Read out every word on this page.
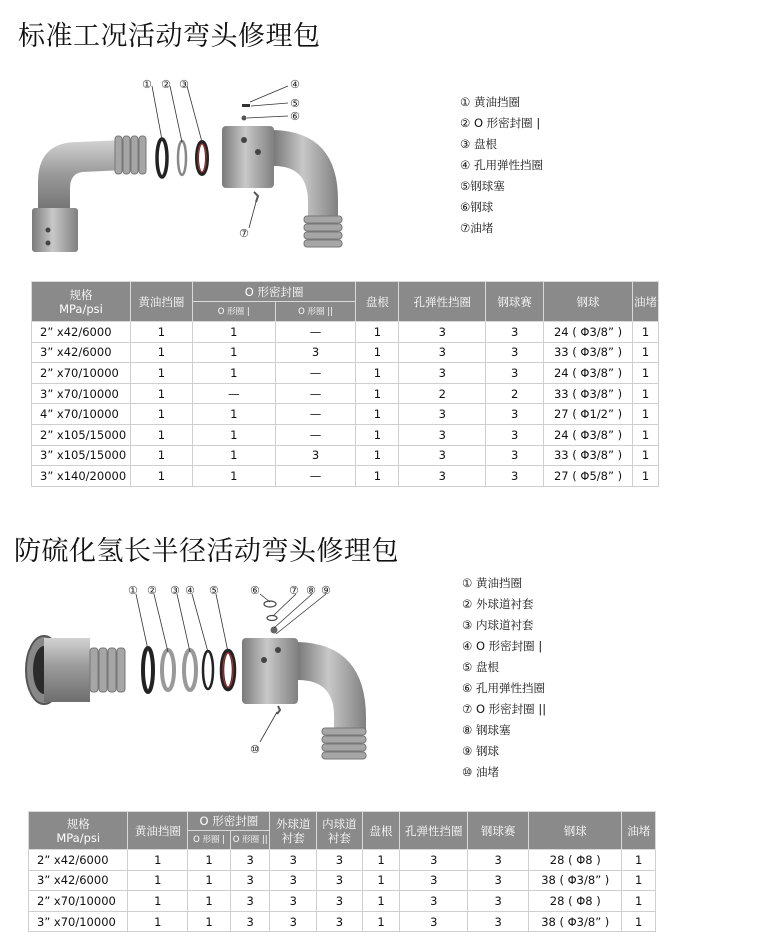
标准工况活动弯头修理包
① ② ③	④
⑤
⑥
⑦
① 黄油挡圈
② O 形密封圈 |
③ 盘根
④ 孔用弹性挡圈
⑤钢球塞
⑥钢球
⑦油堵
规格
MPa/psi	黄油挡圈	O 形密封圈		盘根	孔弹性挡圈	钢球赛	钢球	油堵
		O 形圈 |	O 形圈 ||					
2” x42/6000	1	1	—	1	3	3	24 ( Φ3/8” )	1
3” x42/6000	1	1	3	1	3	3	33 ( Φ3/8” )	1
2” x70/10000	1	1	—	1	3	3	24 ( Φ3/8” )	1
3” x70/10000	1	—	—	1	2	2	33 ( Φ3/8” )	1
4” x70/10000	1	1	—	1	3	3	27 ( Φ1/2” )	1
2” x105/15000	1	1	—	1	3	3	24 ( Φ3/8” )	1
3” x105/15000	1	1	3	1	3	3	33 ( Φ3/8” )	1
3” x140/20000	1	1	—	1	3	3	27 ( Φ5/8” )	1
防硫化氢长半径活动弯头修理包
① ② ③ ④ ⑤	⑥	⑦ ⑧ ⑨
⑩
① 黄油挡圈
② 外球道衬套
③ 内球道衬套
④ O 形密封圈 |
⑤ 盘根
⑥ 孔用弹性挡圈
⑦ O 形密封圈 ||
⑧ 钢球塞
⑨ 钢球
⑩ 油堵
规格
MPa/psi	黄油挡圈	O 形密封圈		外球道衬套	内球道衬套	盘根	孔弹性挡圈	钢球赛	钢球	油堵
		O 形圈 |	O 形圈 ||							
2” x42/6000	1	1	3	3	3	1	3	3	28 ( Φ8 )	1
3” x42/6000	1	1	3	3	3	1	3	3	38 ( Φ3/8” )	1
2” x70/10000	1	1	3	3	3	1	3	3	28 ( Φ8 )	1
3” x70/10000	1	1	3	3	3	1	3	3	38 ( Φ3/8” )	1
